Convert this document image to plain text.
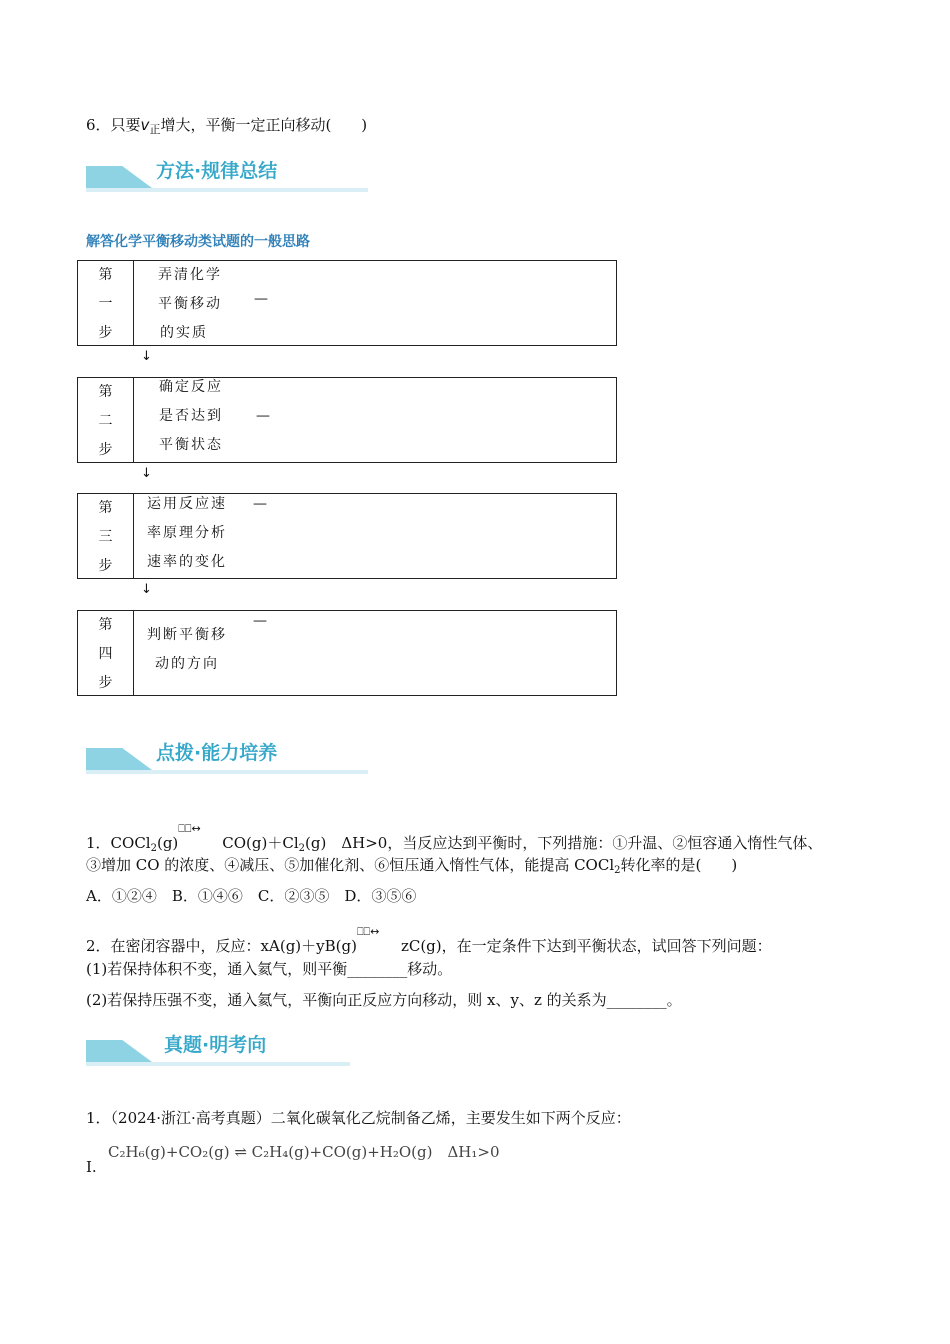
6．只要$v_正$增大，平衡一定正向移动(　　)
方法·规律总结
解答化学平衡移动类试题的一般思路
第
一
步
弄清化学
平衡移动
的实质
—
↓
第
二
步
确定反应
是否达到
平衡状态
—
↓
第
三
步
运用反应速
率原理分析
速率的变化
—
↓
第
四
步
判断平衡移
动的方向
—
点拨·能力培养
1．COCl$_2$(g)
⎕⎕↔
$CO(g)+Cl_2(g)$　ΔH>0，当反应达到平衡时，下列措施：①升温、②恒容通入惰性气体、
③增加 CO 的浓度、④减压、⑤加催化剂、⑥恒压通入惰性气体，能提高 COCl$_2$转化率的是(　　)
A．①②④　B．①④⑥　C．②③⑤　D．③⑤⑥
2．在密闭容器中，反应：xA(g)＋yB(g)
⎕⎕↔
zC(g)，在一定条件下达到平衡状态，试回答下列问题：
(1)若保持体积不变，通入氦气，则平衡________移动。
(2)若保持压强不变，通入氦气，平衡向正反应方向移动，则 x、y、z 的关系为________。
真题·明考向
1．（2024·浙江·高考真题）二氧化碳氧化乙烷制备乙烯，主要发生如下两个反应：
C₂H₆(g)+CO₂(g) ⇌ C₂H₄(g)+CO(g)+H₂O(g)　ΔH₁>0
I.
